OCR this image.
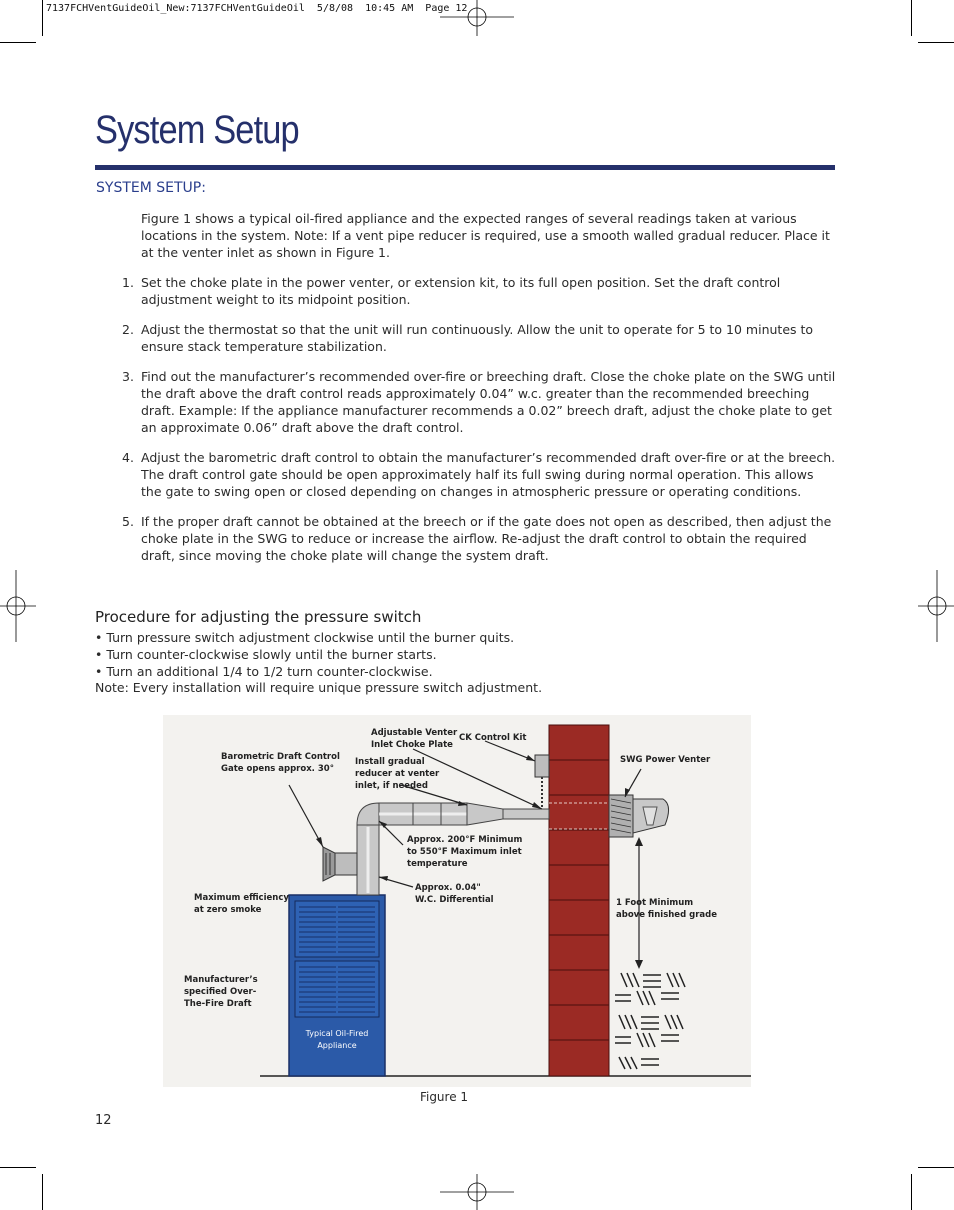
7137FCHVentGuideOil_New:7137FCHVentGuideOil  5/8/08  10:45 AM  Page 12
System Setup
SYSTEM SETUP:

Figure 1 shows a typical oil-fired appliance and the expected ranges of several readings taken at various locations in the system. Note: If a vent pipe reducer is required, use a smooth walled gradual reducer. Place it at the venter inlet as shown in Figure 1.

1. Set the choke plate in the power venter, or extension kit, to its full open position. Set the draft control adjustment weight to its midpoint position.
2. Adjust the thermostat so that the unit will run continuously. Allow the unit to operate for 5 to 10 minutes to ensure stack temperature stabilization.
3. Find out the manufacturer’s recommended over-fire or breeching draft. Close the choke plate on the SWG until the draft above the draft control reads approximately 0.04” w.c. greater than the recommended breeching draft. Example: If the appliance manufacturer recommends a 0.02” breech draft, adjust the choke plate to get an approximate 0.06” draft above the draft control.
4. Adjust the barometric draft control to obtain the manufacturer’s recommended draft over-fire or at the breech. The draft control gate should be open approximately half its full swing during normal operation. This allows the gate to swing open or closed depending on changes in atmospheric pressure or operating conditions.
5. If the proper draft cannot be obtained at the breech or if the gate does not open as described, then adjust the choke plate in the SWG to reduce or increase the airflow. Re-adjust the draft control to obtain the required draft, since moving the choke plate will change the system draft.
Procedure for adjusting the pressure switch
• Turn pressure switch adjustment clockwise until the burner quits.
• Turn counter-clockwise slowly until the burner starts.
• Turn an additional 1/4 to 1/2 turn counter-clockwise.

Note: Every installation will require unique pressure switch adjustment.

Barometric Draft Control
Gate opens approx. 30°
Adjustable Venter
Inlet Choke Plate
CK Control Kit
Install gradual
reducer at venter
inlet, if needed
SWG Power Venter
Approx. 200°F Minimum
to 550°F Maximum inlet
temperature
Approx. 0.04"
W.C. Differential
Maximum efficiency
at zero smoke
Manufacturer’s
specified Over-
The-Fire Draft
1 Foot Minimum
above finished grade
Typical Oil-Fired
Appliance
Figure 1
12
